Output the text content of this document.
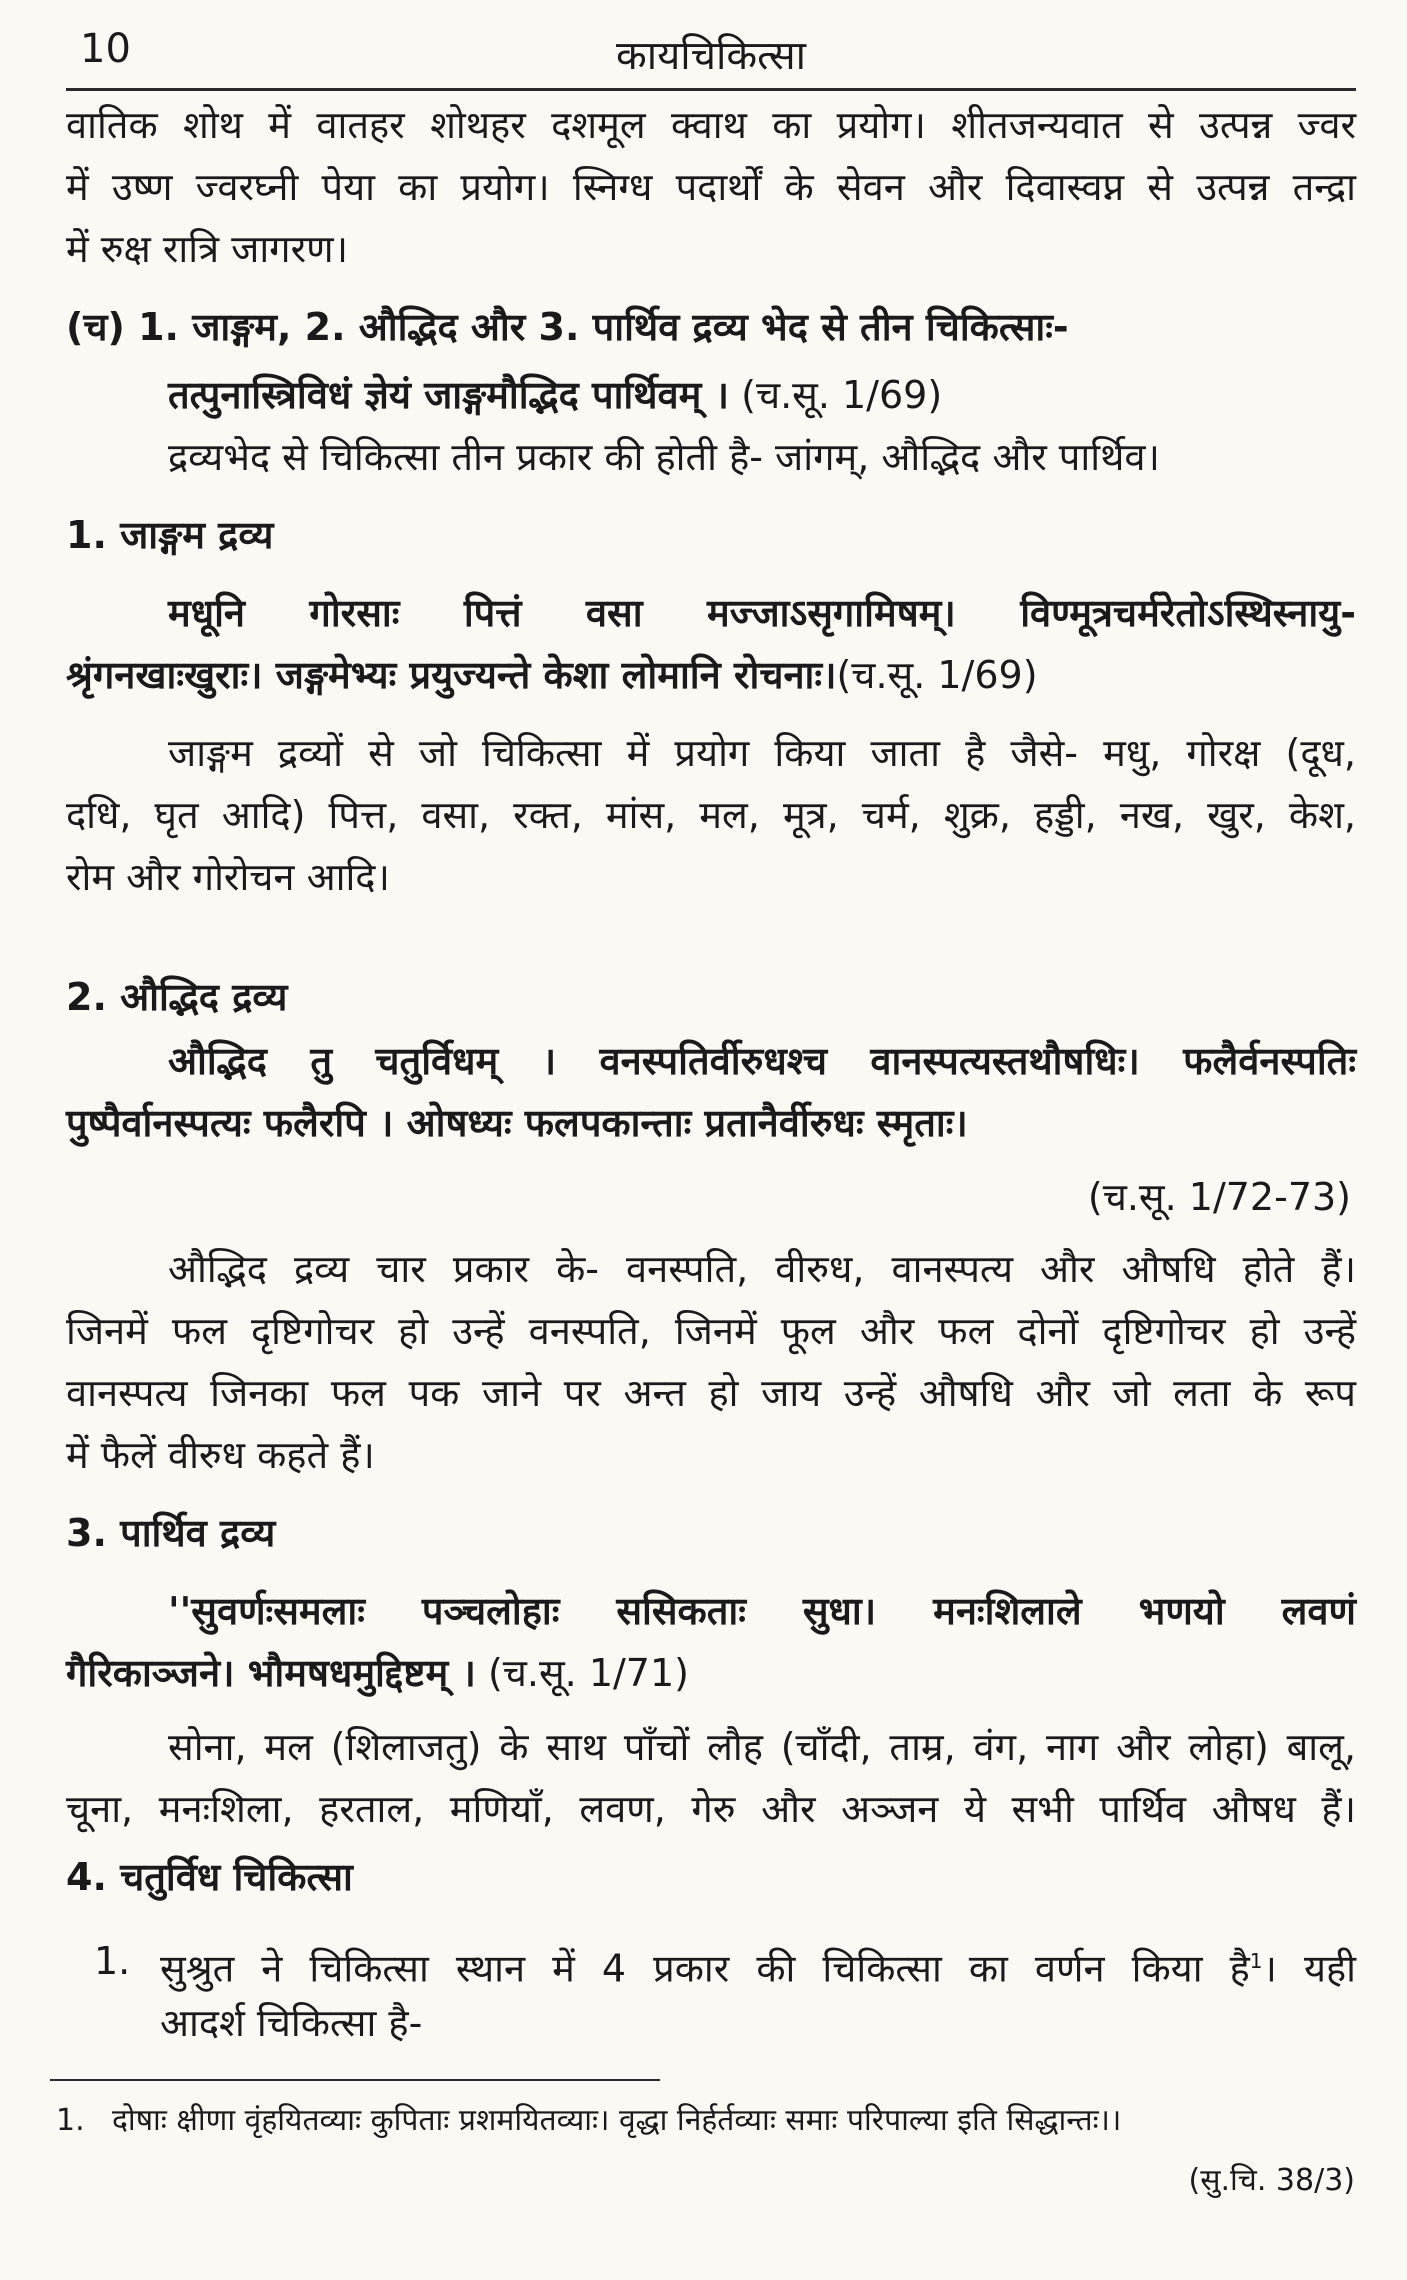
10	कायचिकित्सा

वातिक शोथ में वातहर शोथहर दशमूल क्वाथ का प्रयोग। शीतजन्यवात से उत्पन्न ज्वर

में उष्ण ज्वरघ्नी पेया का प्रयोग। स्निग्ध पदार्थों के सेवन और दिवास्वप्न से उत्पन्न तन्द्रा

में रुक्ष रात्रि जागरण।

(च) 1. जाङ्गम, 2. औद्भिद और 3. पार्थिव द्रव्य भेद से तीन चिकित्साः-

तत्पुनास्त्रिविधं ज्ञेयं जाङ्गमौद्भिद पार्थिवम् । (च.सू. 1/69)

द्रव्यभेद से चिकित्सा तीन प्रकार की होती है- जांगम्, औद्भिद और पार्थिव।

1. जाङ्गम द्रव्य

मधूनि गोरसाः पित्तं वसा मज्जाऽसृगामिषम्। विण्मूत्रचर्मरेतोऽस्थिस्नायु-

श्रृंगनखाःखुराः। जङ्गमेभ्यः प्रयुज्यन्ते केशा लोमानि रोचनाः।(च.सू. 1/69)

जाङ्गम द्रव्यों से जो चिकित्सा में प्रयोग किया जाता है जैसे- मधु, गोरक्ष (दूध,

दधि, घृत आदि) पित्त, वसा, रक्त, मांस, मल, मूत्र, चर्म, शुक्र, हड्डी, नख, खुर, केश,

रोम और गोरोचन आदि।

2. औद्भिद द्रव्य

औद्भिद तु चतुर्विधम् । वनस्पतिर्वीरुधश्च वानस्पत्यस्तथौषधिः। फलैर्वनस्पतिः

पुष्पैर्वानस्पत्यः फलैरपि । ओषध्यः फलपकान्ताः प्रतानैर्वीरुधः स्मृताः।

(च.सू. 1/72-73)

औद्भिद द्रव्य चार प्रकार के- वनस्पति, वीरुध, वानस्पत्य और औषधि होते हैं।

जिनमें फल दृष्टिगोचर हो उन्हें वनस्पति, जिनमें फूल और फल दोनों दृष्टिगोचर हो उन्हें

वानस्पत्य जिनका फल पक जाने पर अन्त हो जाय उन्हें औषधि और जो लता के रूप

में फैलें वीरुध कहते हैं।

3. पार्थिव द्रव्य

''सुवर्णःसमलाः पञ्चलोहाः ससिकताः सुधा। मनःशिलाले भणयो लवणं

गैरिकाञ्जने। भौमषधमुद्दिष्टम् । (च.सू. 1/71)

सोना, मल (शिलाजतु) के साथ पाँचों लौह (चाँदी, ताम्र, वंग, नाग और लोहा) बालू,

चूना, मनःशिला, हरताल, मणियाँ, लवण, गेरु और अञ्जन ये सभी पार्थिव औषध हैं।

4. चतुर्विध चिकित्सा

1. सुश्रुत ने चिकित्सा स्थान में 4 प्रकार की चिकित्सा का वर्णन किया है$^1$। यही

आदर्श चिकित्सा है-

1. दोषाः क्षीणा वृंहयितव्याः कुपिताः प्रशमयितव्याः। वृद्धा निर्हर्तव्याः समाः परिपाल्या इति सिद्धान्तः।।

(सु.चि. 38/3)
